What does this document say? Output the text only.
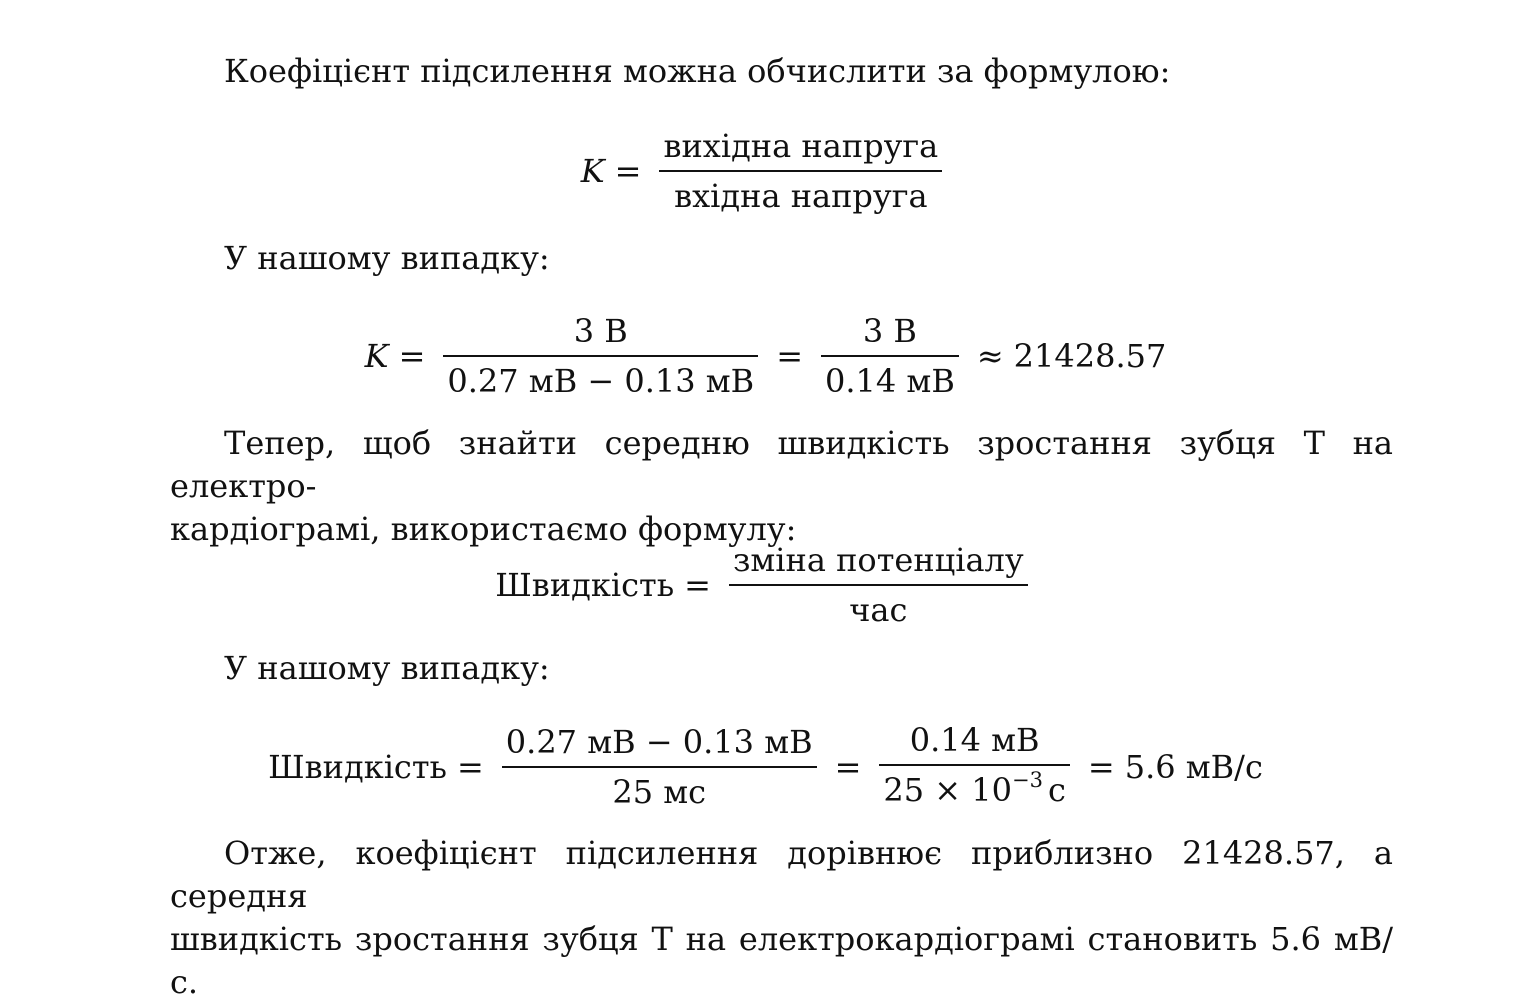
Коефіцієнт підсилення можна обчислити за формулою:

$K = \frac{\text{вихідна напруга}}{\text{вхідна напруга}}$

У нашому випадку:

$K = \frac{3 В}{0.27 мВ - 0.13 мВ} = \frac{3 В}{0.14 мВ} \approx 21428.57$
Тепер, щоб знайти середню швидкість зростання зубця T на електро-
кардіограмі, використаємо формулу:
Швидкість = $\frac{\text{зміна потенціалу}}{\text{час}}$

У нашому випадку:

Швидкість = $\frac{0.27 мВ - 0.13 мВ}{25 мс} = \frac{0.14 мВ}{25 \times 10^{-3} с} = 5.6$ мВ/с
Отже, коефіцієнт підсилення дорівнює приблизно 21428.57, а середня
швидкість зростання зубця T на електрокардіограмі становить 5.6 мВ/с.
